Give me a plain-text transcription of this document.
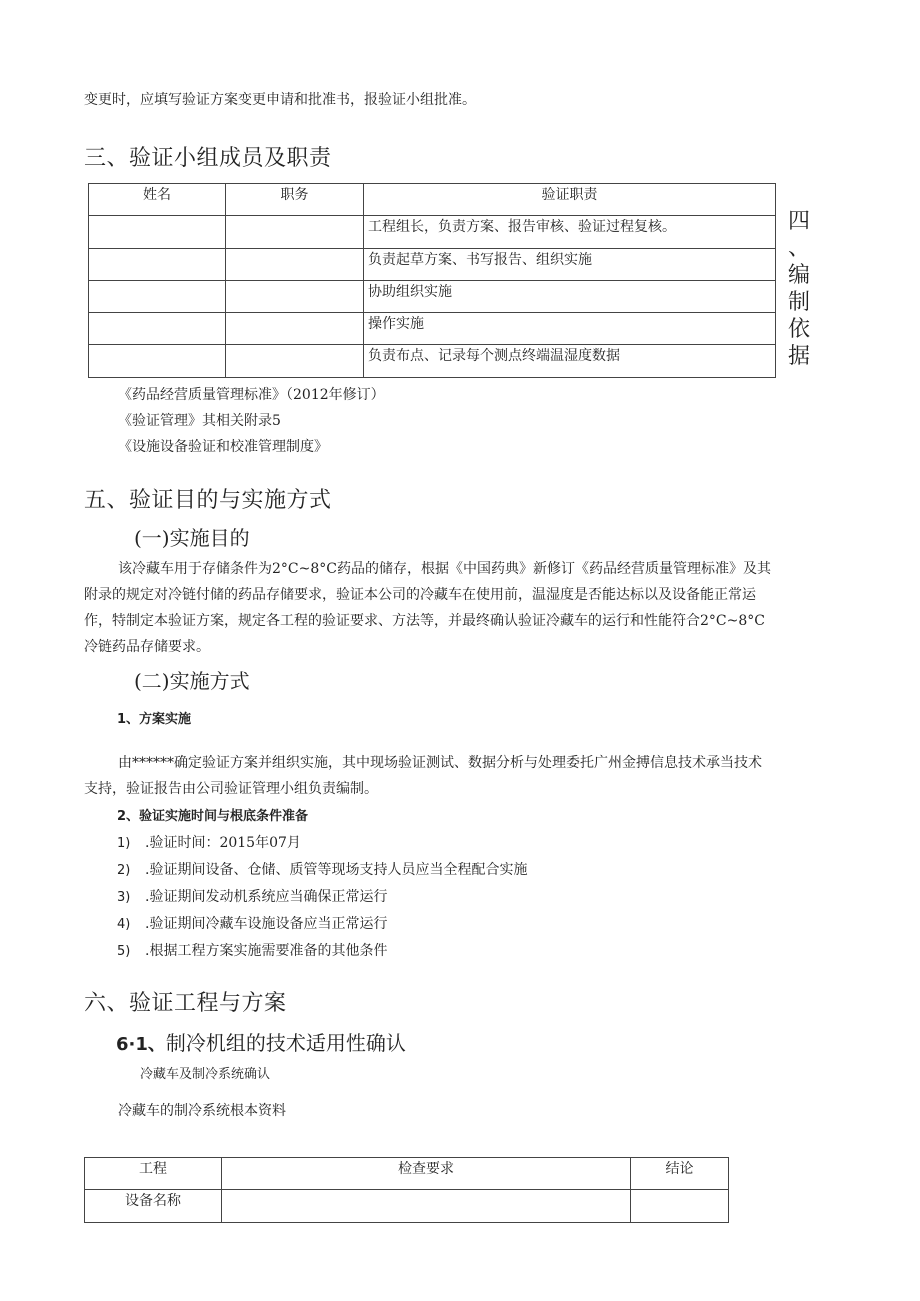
变更时，应填写验证方案变更申请和批准书，报验证小组批准。
三、验证小组成员及职责
姓名	职务	验证职责
		工程组长，负责方案、报告审核、验证过程复核。
		负责起草方案、书写报告、组织实施
		协助组织实施
		操作实施
		负责布点、记录每个测点终端温湿度数据
四
、
编
制
依
据
《药品经营质量管理标准》（2012年修订）
《验证管理》其相关附录5
《设施设备验证和校准管理制度》
五、验证目的与实施方式
(一)实施目的
该冷藏车用于存储条件为2°C~8°C药品的储存，根据《中国药典》新修订《药品经营质量管理标准》及其
附录的规定对冷链付储的药品存储要求，验证本公司的冷藏车在使用前，温湿度是否能达标以及设备能正常运
作，特制定本验证方案，规定各工程的验证要求、方法等，并最终确认验证冷藏车的运行和性能符合2°C~8°C
冷链药品存储要求。
(二)实施方式
1、方案实施
由******确定验证方案并组织实施，其中现场验证测试、数据分析与处理委托广州金搏信息技术承当技术
支持，验证报告由公司验证管理小组负责编制。
2、验证实施时间与根底条件准备
1) .验证时间：2015年07月
2) .验证期间设备、仓储、质管等现场支持人员应当全程配合实施
3) .验证期间发动机系统应当确保正常运行
4) .验证期间冷藏车设施设备应当正常运行
5) .根据工程方案实施需要准备的其他条件
六、验证工程与方案
6·1、制冷机组的技术适用性确认
冷藏车及制冷系统确认
冷藏车的制冷系统根本资料
工程	检查要求	结论
设备名称		
